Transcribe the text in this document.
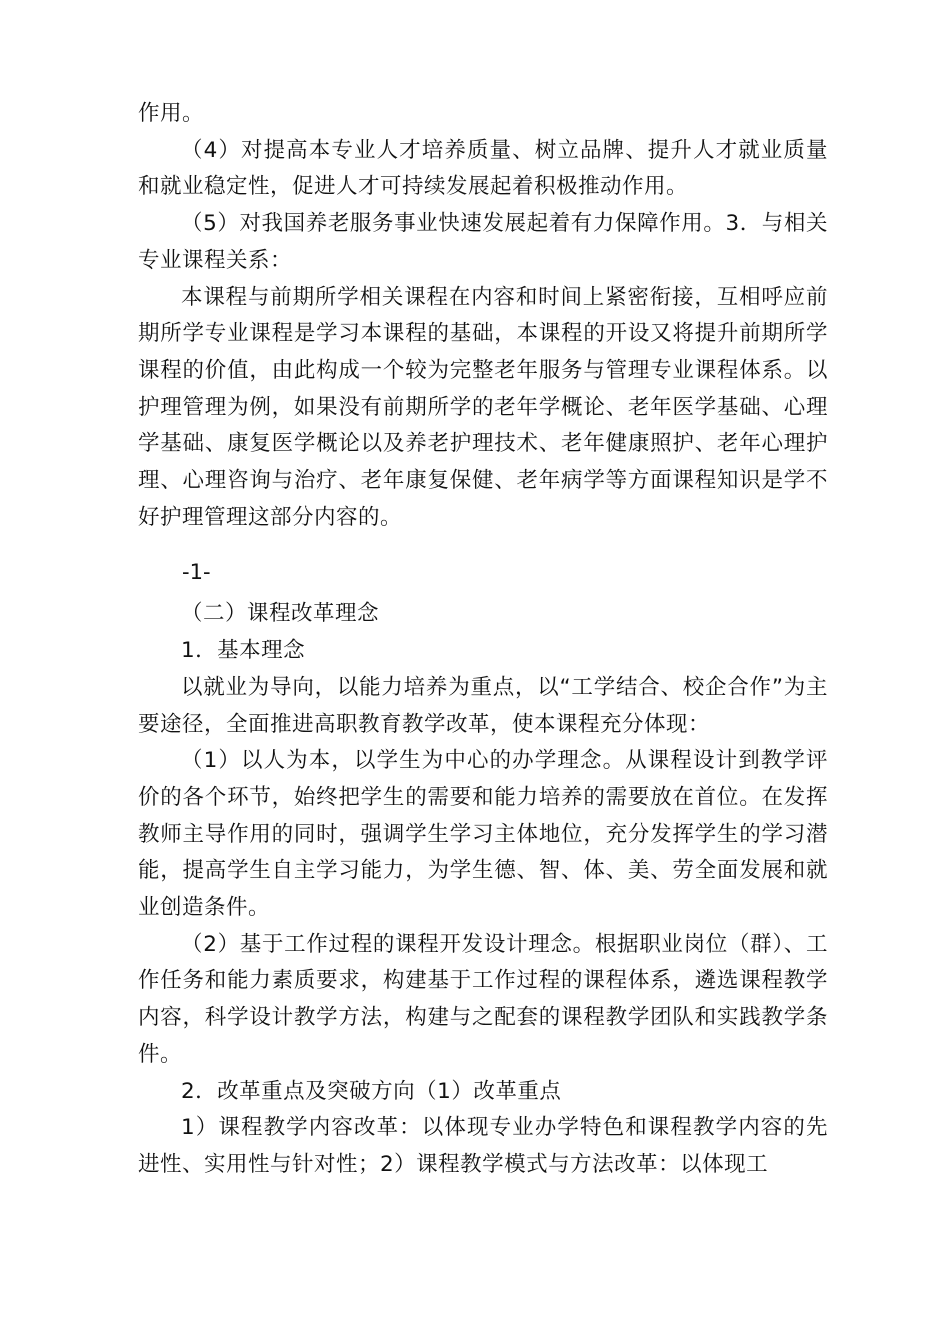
作用。

（4）对提高本专业人才培养质量、树立品牌、提升人才就业质量和就业稳定性，促进人才可持续发展起着积极推动作用。

（5）对我国养老服务事业快速发展起着有力保障作用。3．与相关专业课程关系：

本课程与前期所学相关课程在内容和时间上紧密衔接，互相呼应前期所学专业课程是学习本课程的基础，本课程的开设又将提升前期所学课程的价值，由此构成一个较为完整老年服务与管理专业课程体系。以护理管理为例，如果没有前期所学的老年学概论、老年医学基础、心理学基础、康复医学概论以及养老护理技术、老年健康照护、老年心理护理、心理咨询与治疗、老年康复保健、老年病学等方面课程知识是学不好护理管理这部分内容的。

-1-

（二）课程改革理念

1．基本理念

以就业为导向，以能力培养为重点，以“工学结合、校企合作”为主要途径，全面推进高职教育教学改革，使本课程充分体现：

（1）以人为本，以学生为中心的办学理念。从课程设计到教学评价的各个环节，始终把学生的需要和能力培养的需要放在首位。在发挥教师主导作用的同时，强调学生学习主体地位，充分发挥学生的学习潜能，提高学生自主学习能力，为学生德、智、体、美、劳全面发展和就业创造条件。

（2）基于工作过程的课程开发设计理念。根据职业岗位（群）、工作任务和能力素质要求，构建基于工作过程的课程体系，遴选课程教学内容，科学设计教学方法，构建与之配套的课程教学团队和实践教学条件。

2．改革重点及突破方向（1）改革重点

1）课程教学内容改革：以体现专业办学特色和课程教学内容的先进性、实用性与针对性；2）课程教学模式与方法改革：以体现工
